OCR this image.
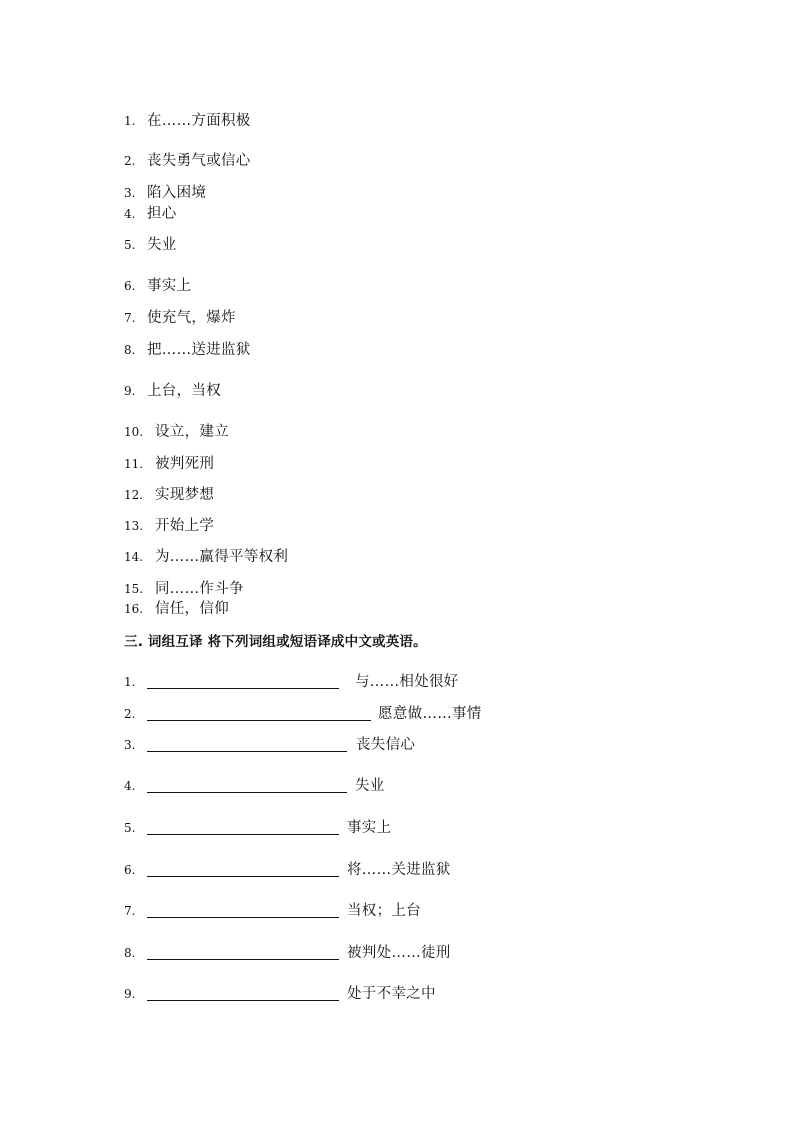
1. 在……方面积极
2. 丧失勇气或信心
3. 陷入困境
4. 担心
5. 失业
6. 事实上
7. 使充气，爆炸
8. 把……送进监狱
9. 上台，当权
10. 设立，建立
11. 被判死刑
12. 实现梦想
13. 开始上学
14. 为……赢得平等权利
15. 同……作斗争
16. 信任，信仰
三. 词组互译 将下列词组或短语译成中文或英语。
1.	与……相处很好
2.	愿意做……事情
3.	丧失信心
4.	失业
5.	事实上
6.	将……关进监狱
7.	当权；上台
8.	被判处……徒刑
9.	处于不幸之中
